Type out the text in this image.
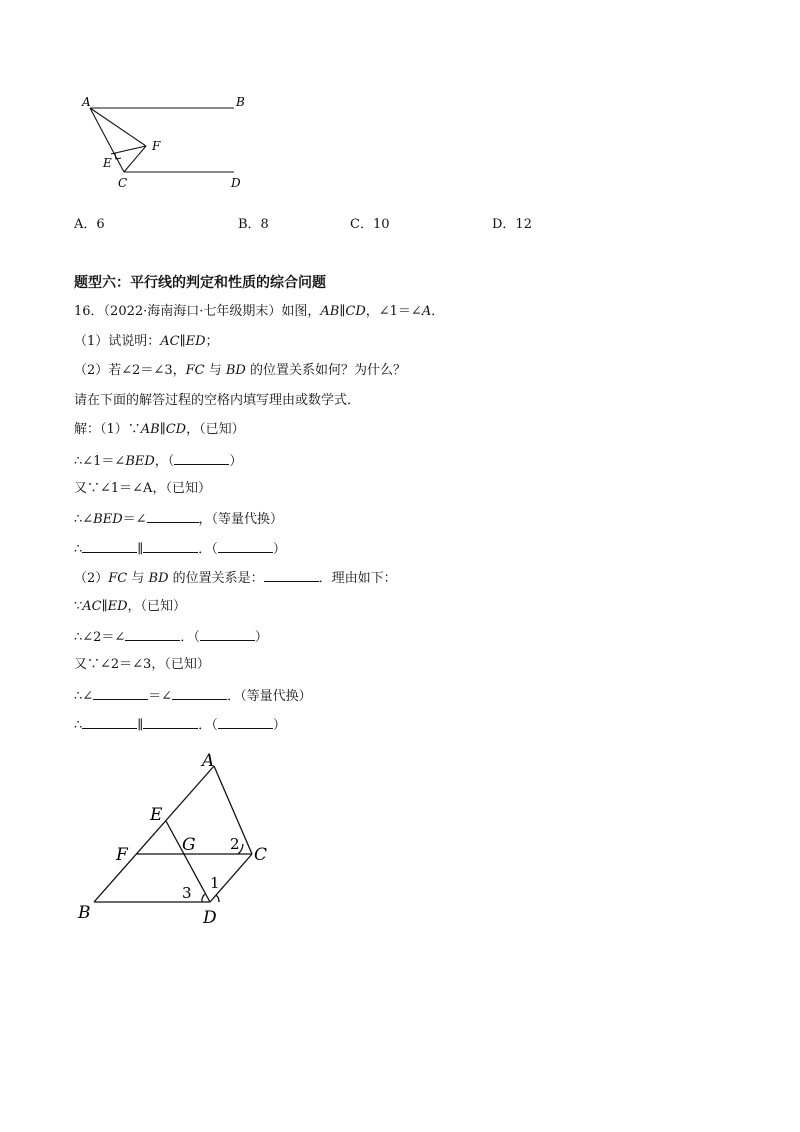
A	B
C	D
E
F
A．6	B．8	C．10	D．12
题型六：平行线的判定和性质的综合问题
16．（2022·海南海口·七年级期末）如图，AB∥CD，∠1＝∠A．
（1）试说明：AC∥ED；
（2）若∠2＝∠3，FC 与 BD 的位置关系如何？为什么？
请在下面的解答过程的空格内填写理由或数学式．
解：（1）∵AB∥CD，（已知）
∴∠1＝∠BED，（	）
又∵∠1＝∠A，（已知）
∴∠BED＝∠	，（等量代换）
∴	∥	．（	）
（2）FC 与 BD 的位置关系是：	．理由如下：
∵AC∥ED，（已知）
∴∠2＝∠	．（	）
又∵∠2＝∠3，（已知）
∴∠	＝∠	．（等量代换）
∴	∥	．（	）
A
B
C
D
E
F	G
1
2
3
